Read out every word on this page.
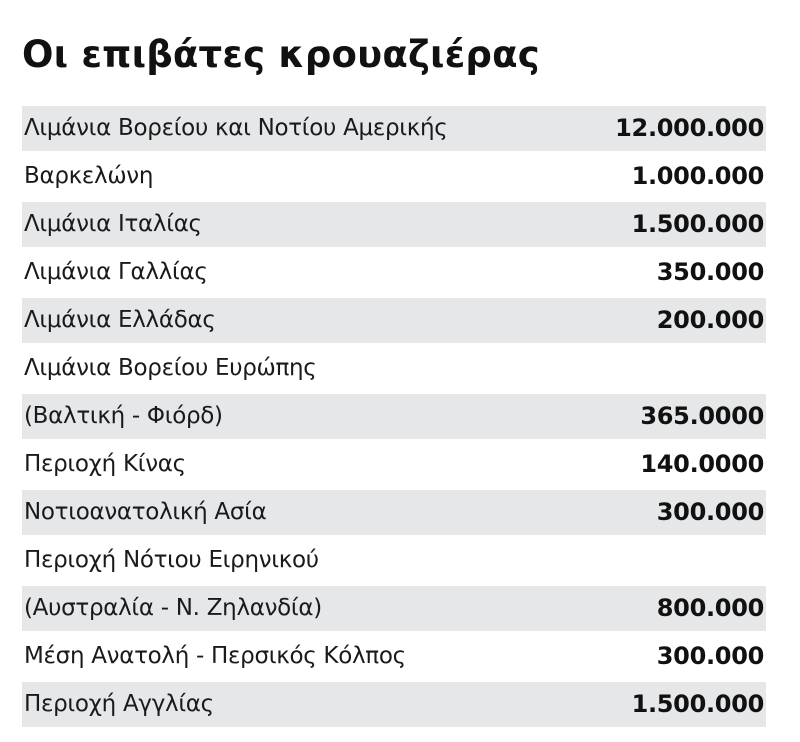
Οι επιβάτες κρουαζιέρας
Λιμάνια Βορείου και Νοτίου Αμερικής	12.000.000
Βαρκελώνη	1.000.000
Λιμάνια Ιταλίας	1.500.000
Λιμάνια Γαλλίας	350.000
Λιμάνια Ελλάδας	200.000
Λιμάνια Βορείου Ευρώπης
(Βαλτική - Φιόρδ)	365.0000
Περιοχή Κίνας	140.0000
Νοτιοανατολική Ασία	300.000
Περιοχή Νότιου Ειρηνικού
(Αυστραλία - Ν. Ζηλανδία)	800.000
Μέση Ανατολή - Περσικός Κόλπος	300.000
Περιοχή Αγγλίας	1.500.000
